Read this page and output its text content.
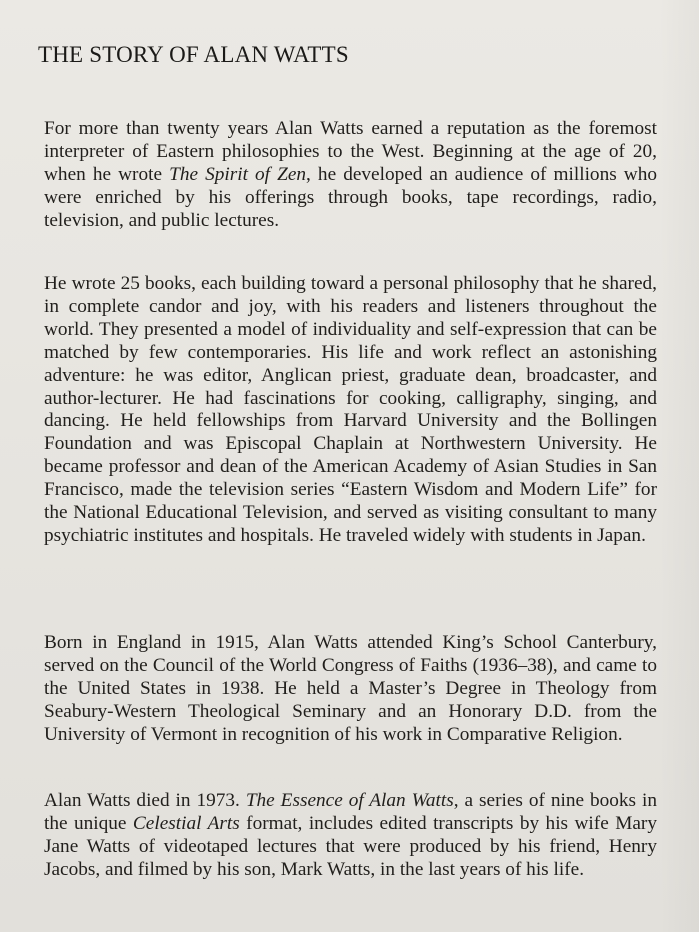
THE STORY OF ALAN WATTS

For more than twenty years Alan Watts earned a reputation as the foremost interpreter of Eastern philosophies to the West. Beginning at the age of 20, when he wrote The Spirit of Zen, he developed an audience of millions who were enriched by his offerings through books, tape recordings, radio, television, and public lectures.

He wrote 25 books, each building toward a personal philosophy that he shared, in complete candor and joy, with his readers and listeners throughout the world. They presented a model of individuality and self-expression that can be matched by few contemporaries. His life and work reflect an astonishing adventure: he was editor, Anglican priest, graduate dean, broadcaster, and author-lecturer. He had fascinations for cooking, calligraphy, singing, and dancing. He held fellowships from Harvard University and the Bollingen Foundation and was Episcopal Chaplain at Northwestern University. He became professor and dean of the American Academy of Asian Studies in San Francisco, made the television series “Eastern Wisdom and Modern Life” for the National Educational Television, and served as visiting consultant to many psychiatric institutes and hospitals. He traveled widely with students in Japan.

Born in England in 1915, Alan Watts attended King’s School Canterbury, served on the Council of the World Congress of Faiths (1936–38), and came to the United States in 1938. He held a Master’s Degree in Theology from Seabury-Western Theological Seminary and an Honorary D.D. from the University of Vermont in recognition of his work in Comparative Religion.

Alan Watts died in 1973. The Essence of Alan Watts, a series of nine books in the unique Celestial Arts format, includes edited transcripts by his wife Mary Jane Watts of videotaped lectures that were produced by his friend, Henry Jacobs, and filmed by his son, Mark Watts, in the last years of his life.
